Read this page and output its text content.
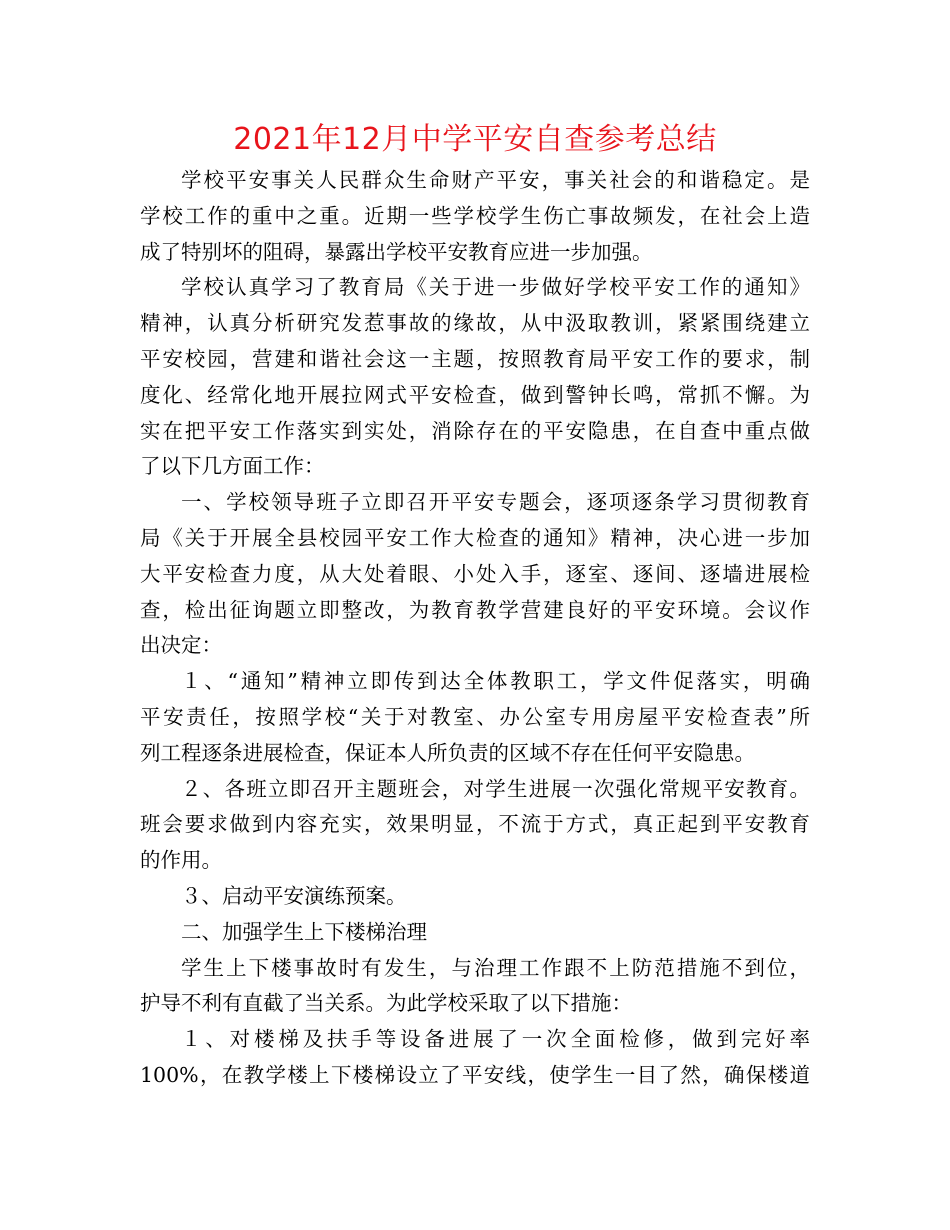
2021年12月中学平安自查参考总结
学校平安事关人民群众生命财产平安，事关社会的和谐稳定。是
学校工作的重中之重。近期一些学校学生伤亡事故频发，在社会上造
成了特别坏的阻碍，暴露出学校平安教育应进一步加强。
学校认真学习了教育局《关于进一步做好学校平安工作的通知》
精神，认真分析研究发惹事故的缘故，从中汲取教训，紧紧围绕建立
平安校园，营建和谐社会这一主题，按照教育局平安工作的要求，制
度化、经常化地开展拉网式平安检查，做到警钟长鸣，常抓不懈。为
实在把平安工作落实到实处，消除存在的平安隐患，在自查中重点做
了以下几方面工作：
一、学校领导班子立即召开平安专题会，逐项逐条学习贯彻教育
局《关于开展全县校园平安工作大检查的通知》精神，决心进一步加
大平安检查力度，从大处着眼、小处入手，逐室、逐间、逐墙进展检
查，检出征询题立即整改，为教育教学营建良好的平安环境。会议作
出决定：
１、“通知”精神立即传到达全体教职工，学文件促落实，明确
平安责任，按照学校“关于对教室、办公室专用房屋平安检查表”所
列工程逐条进展检查，保证本人所负责的区域不存在任何平安隐患。
２、各班立即召开主题班会，对学生进展一次强化常规平安教育。
班会要求做到内容充实，效果明显，不流于方式，真正起到平安教育
的作用。
３、启动平安演练预案。
二、加强学生上下楼梯治理
学生上下楼事故时有发生，与治理工作跟不上防范措施不到位，
护导不利有直截了当关系。为此学校采取了以下措施：
１、对楼梯及扶手等设备进展了一次全面检修，做到完好率
100%，在教学楼上下楼梯设立了平安线，使学生一目了然，确保楼道
